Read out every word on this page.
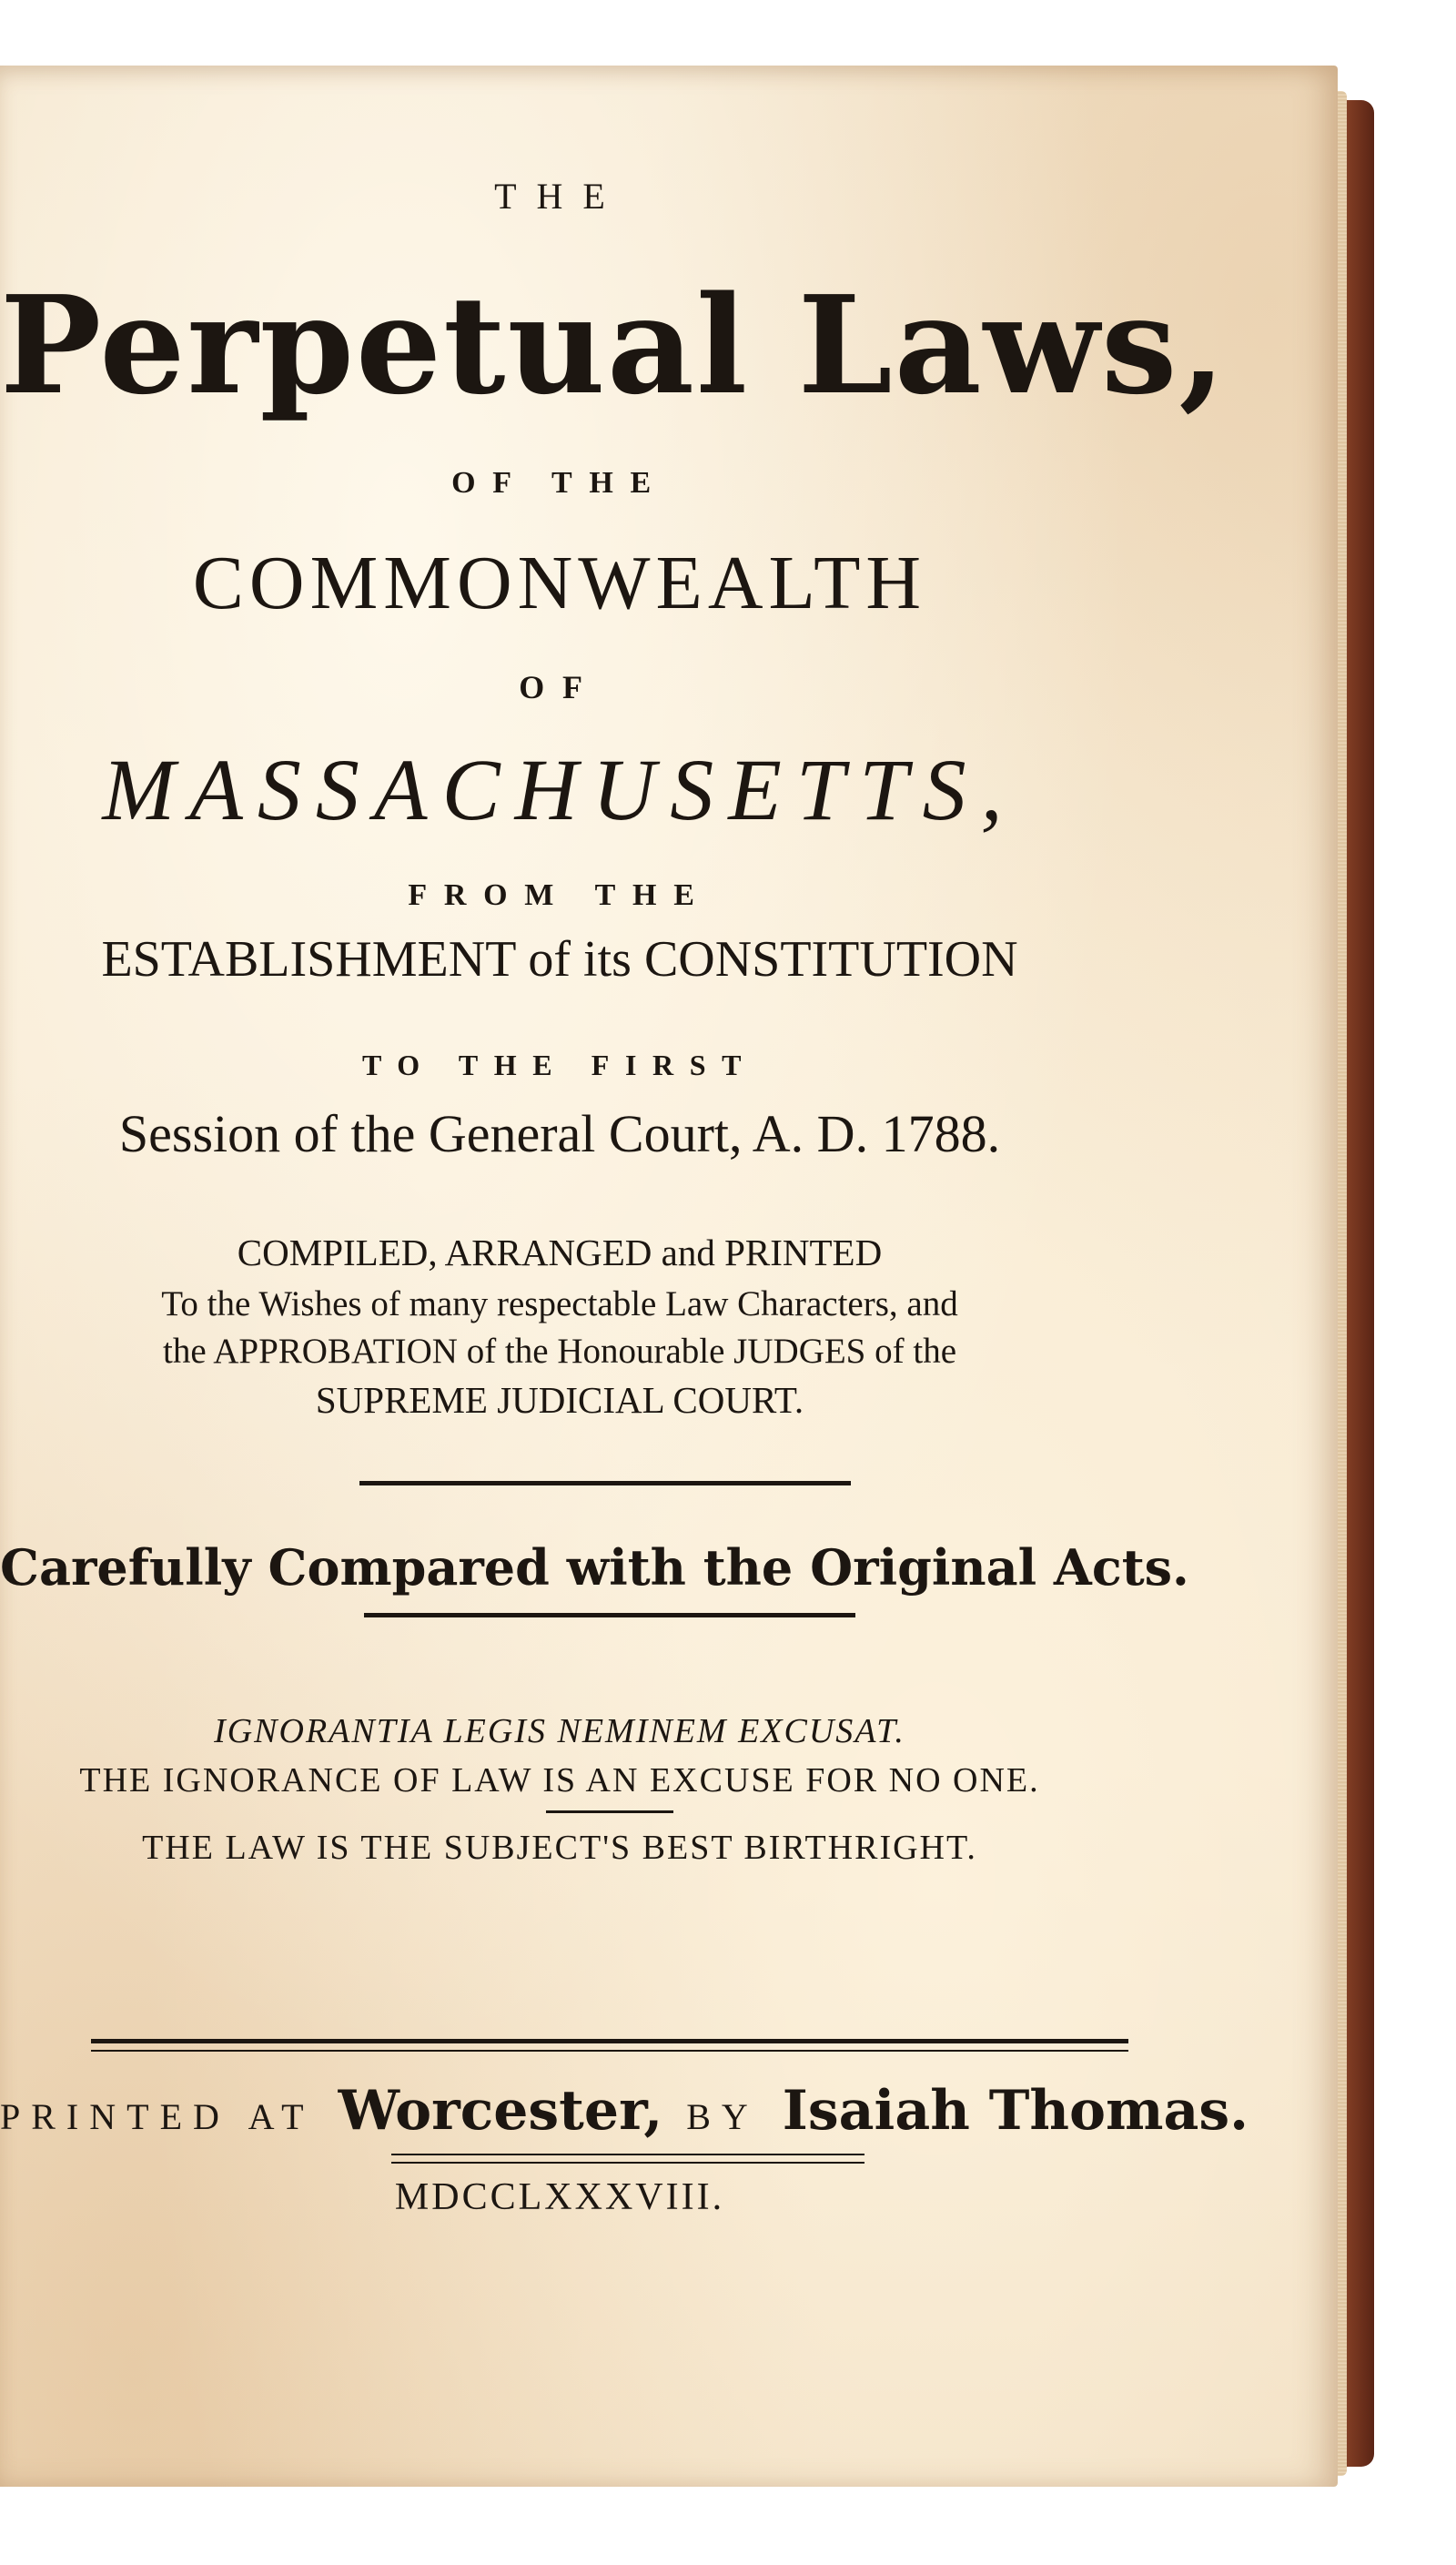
THE
Perpetual Laws,
OF THE
COMMONWEALTH
OF
MASSACHUSETTS,
FROM THE
ESTABLISHMENT of its CONSTITUTION
TO THE FIRST
Session of the General Court, A. D. 1788.
COMPILED, ARRANGED and PRINTED
To the Wishes of many respectable Law Characters, and
the APPROBATION of the Honourable JUDGES of the
SUPREME JUDICIAL COURT.
Carefully Compared with the Original Acts.
IGNORANTIA LEGIS NEMINEM EXCUSAT.
THE IGNORANCE OF LAW IS AN EXCUSE FOR NO ONE.
THE LAW IS THE SUBJECT'S BEST BIRTHRIGHT.
PRINTED AT Worcester, BY Isaiah Thomas.
MDCCLXXXVIII.
